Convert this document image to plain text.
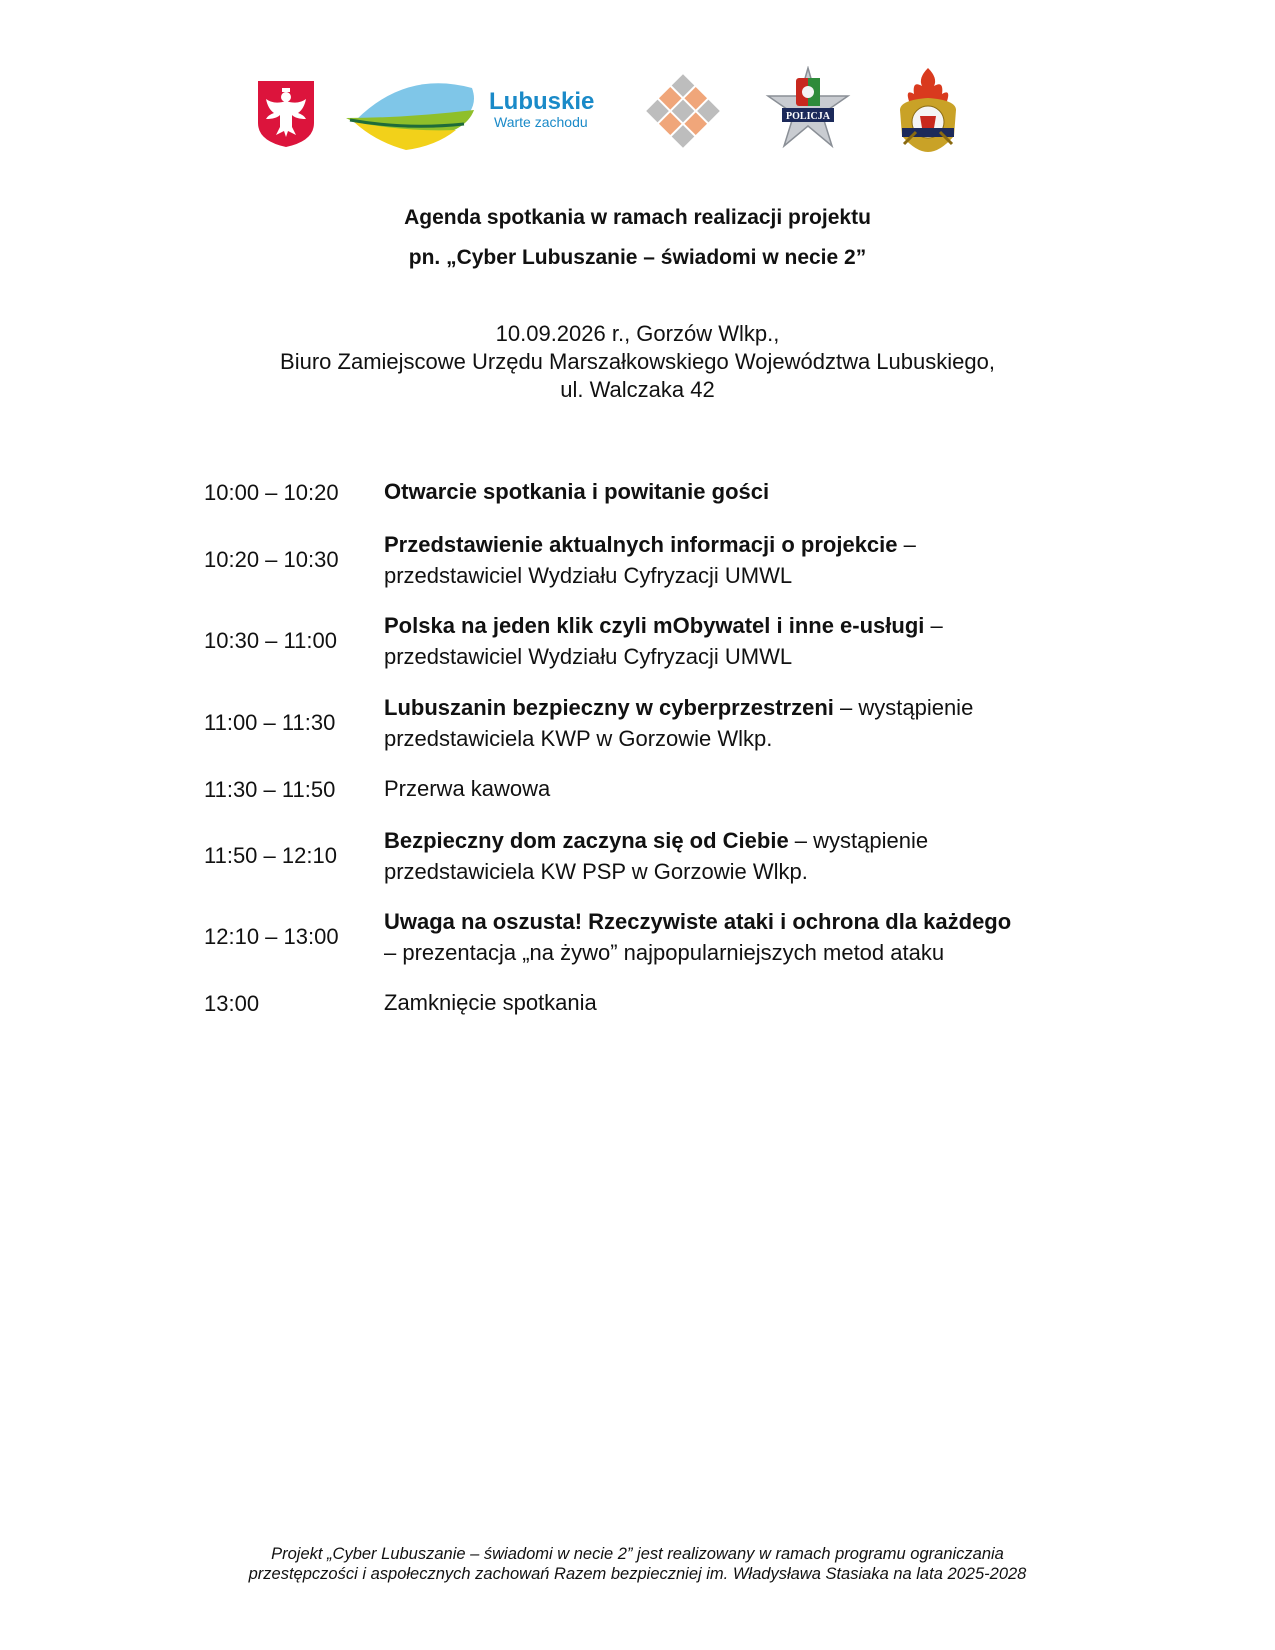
Lubuskie
Warte zachodu	POLICJA
Agenda spotkania w ramach realizacji projektu
pn. „Cyber Lubuszanie – świadomi w necie 2”
10.09.2026 r., Gorzów Wlkp.,
Biuro Zamiejscowe Urzędu Marszałkowskiego Województwa Lubuskiego,
ul. Walczaka 42
10:00 – 10:20 Otwarcie spotkania i powitanie gości
10:20 – 10:30
Przedstawienie aktualnych informacji o projekcie –
przedstawiciel Wydziału Cyfryzacji UMWL
10:30 – 11:00
Polska na jeden klik czyli mObywatel i inne e-usługi –
przedstawiciel Wydziału Cyfryzacji UMWL
11:00 – 11:30
Lubuszanin bezpieczny w cyberprzestrzeni – wystąpienie
przedstawiciela KWP w Gorzowie Wlkp.
11:30 – 11:50 Przerwa kawowa
11:50 – 12:10
Bezpieczny dom zaczyna się od Ciebie – wystąpienie
przedstawiciela KW PSP w Gorzowie Wlkp.
12:10 – 13:00
Uwaga na oszusta! Rzeczywiste ataki i ochrona dla każdego
– prezentacja „na żywo” najpopularniejszych metod ataku
13:00	Zamknięcie spotkania
Projekt „Cyber Lubuszanie – świadomi w necie 2” jest realizowany w ramach programu ograniczania
przestępczości i aspołecznych zachowań Razem bezpieczniej im. Władysława Stasiaka na lata 2025-2028
